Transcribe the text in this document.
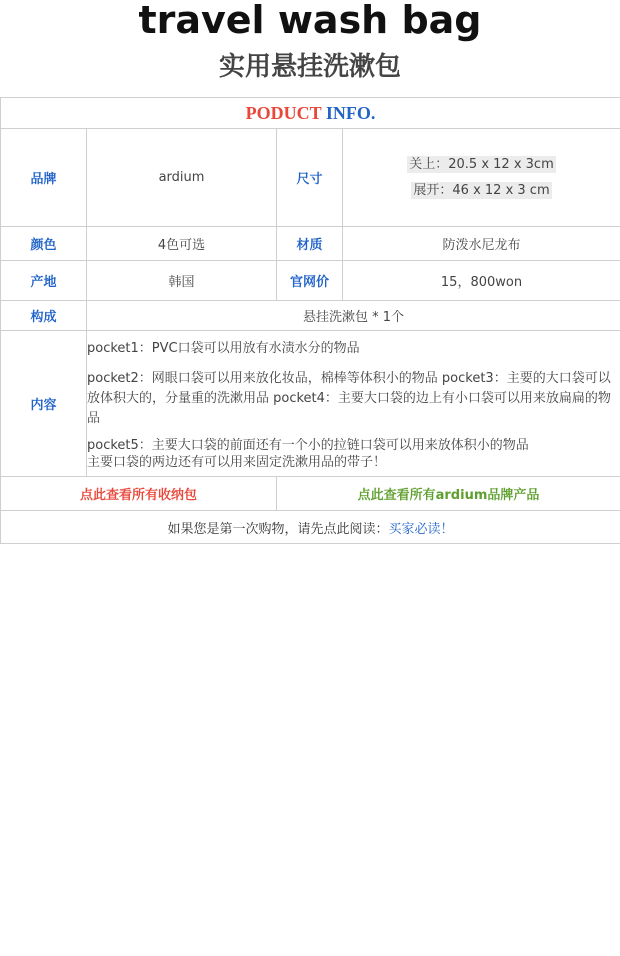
travel wash bag
实用悬挂洗漱包
PODUCT INFO.			
品牌	ardium	尺寸	关上：20.5 x 12 x 3cm
展开：46 x 12 x 3 cm

颜色	4色可选	材质	防泼水尼龙布
产地	韩国	官网价	15，800won
构成	悬挂洗漱包 * 1个		
内容	pocket1：PVC口袋可以用放有水渍水分的物品

pocket2：网眼口袋可以用来放化妆品，棉棒等体积小的物品 pocket3：主要的大口袋可以放体积大的，分量重的洗漱用品 pocket4：主要大口袋的边上有小口袋可以用来放扁扁的物品

pocket5：主要大口袋的前面还有一个小的拉链口袋可以用来放体积小的物品

主要口袋的两边还有可以用来固定洗漱用品的带子！		

点此查看所有收纳包		点此查看所有ardium品牌产品	
如果您是第一次购物，请先点此阅读：买家必读！			
